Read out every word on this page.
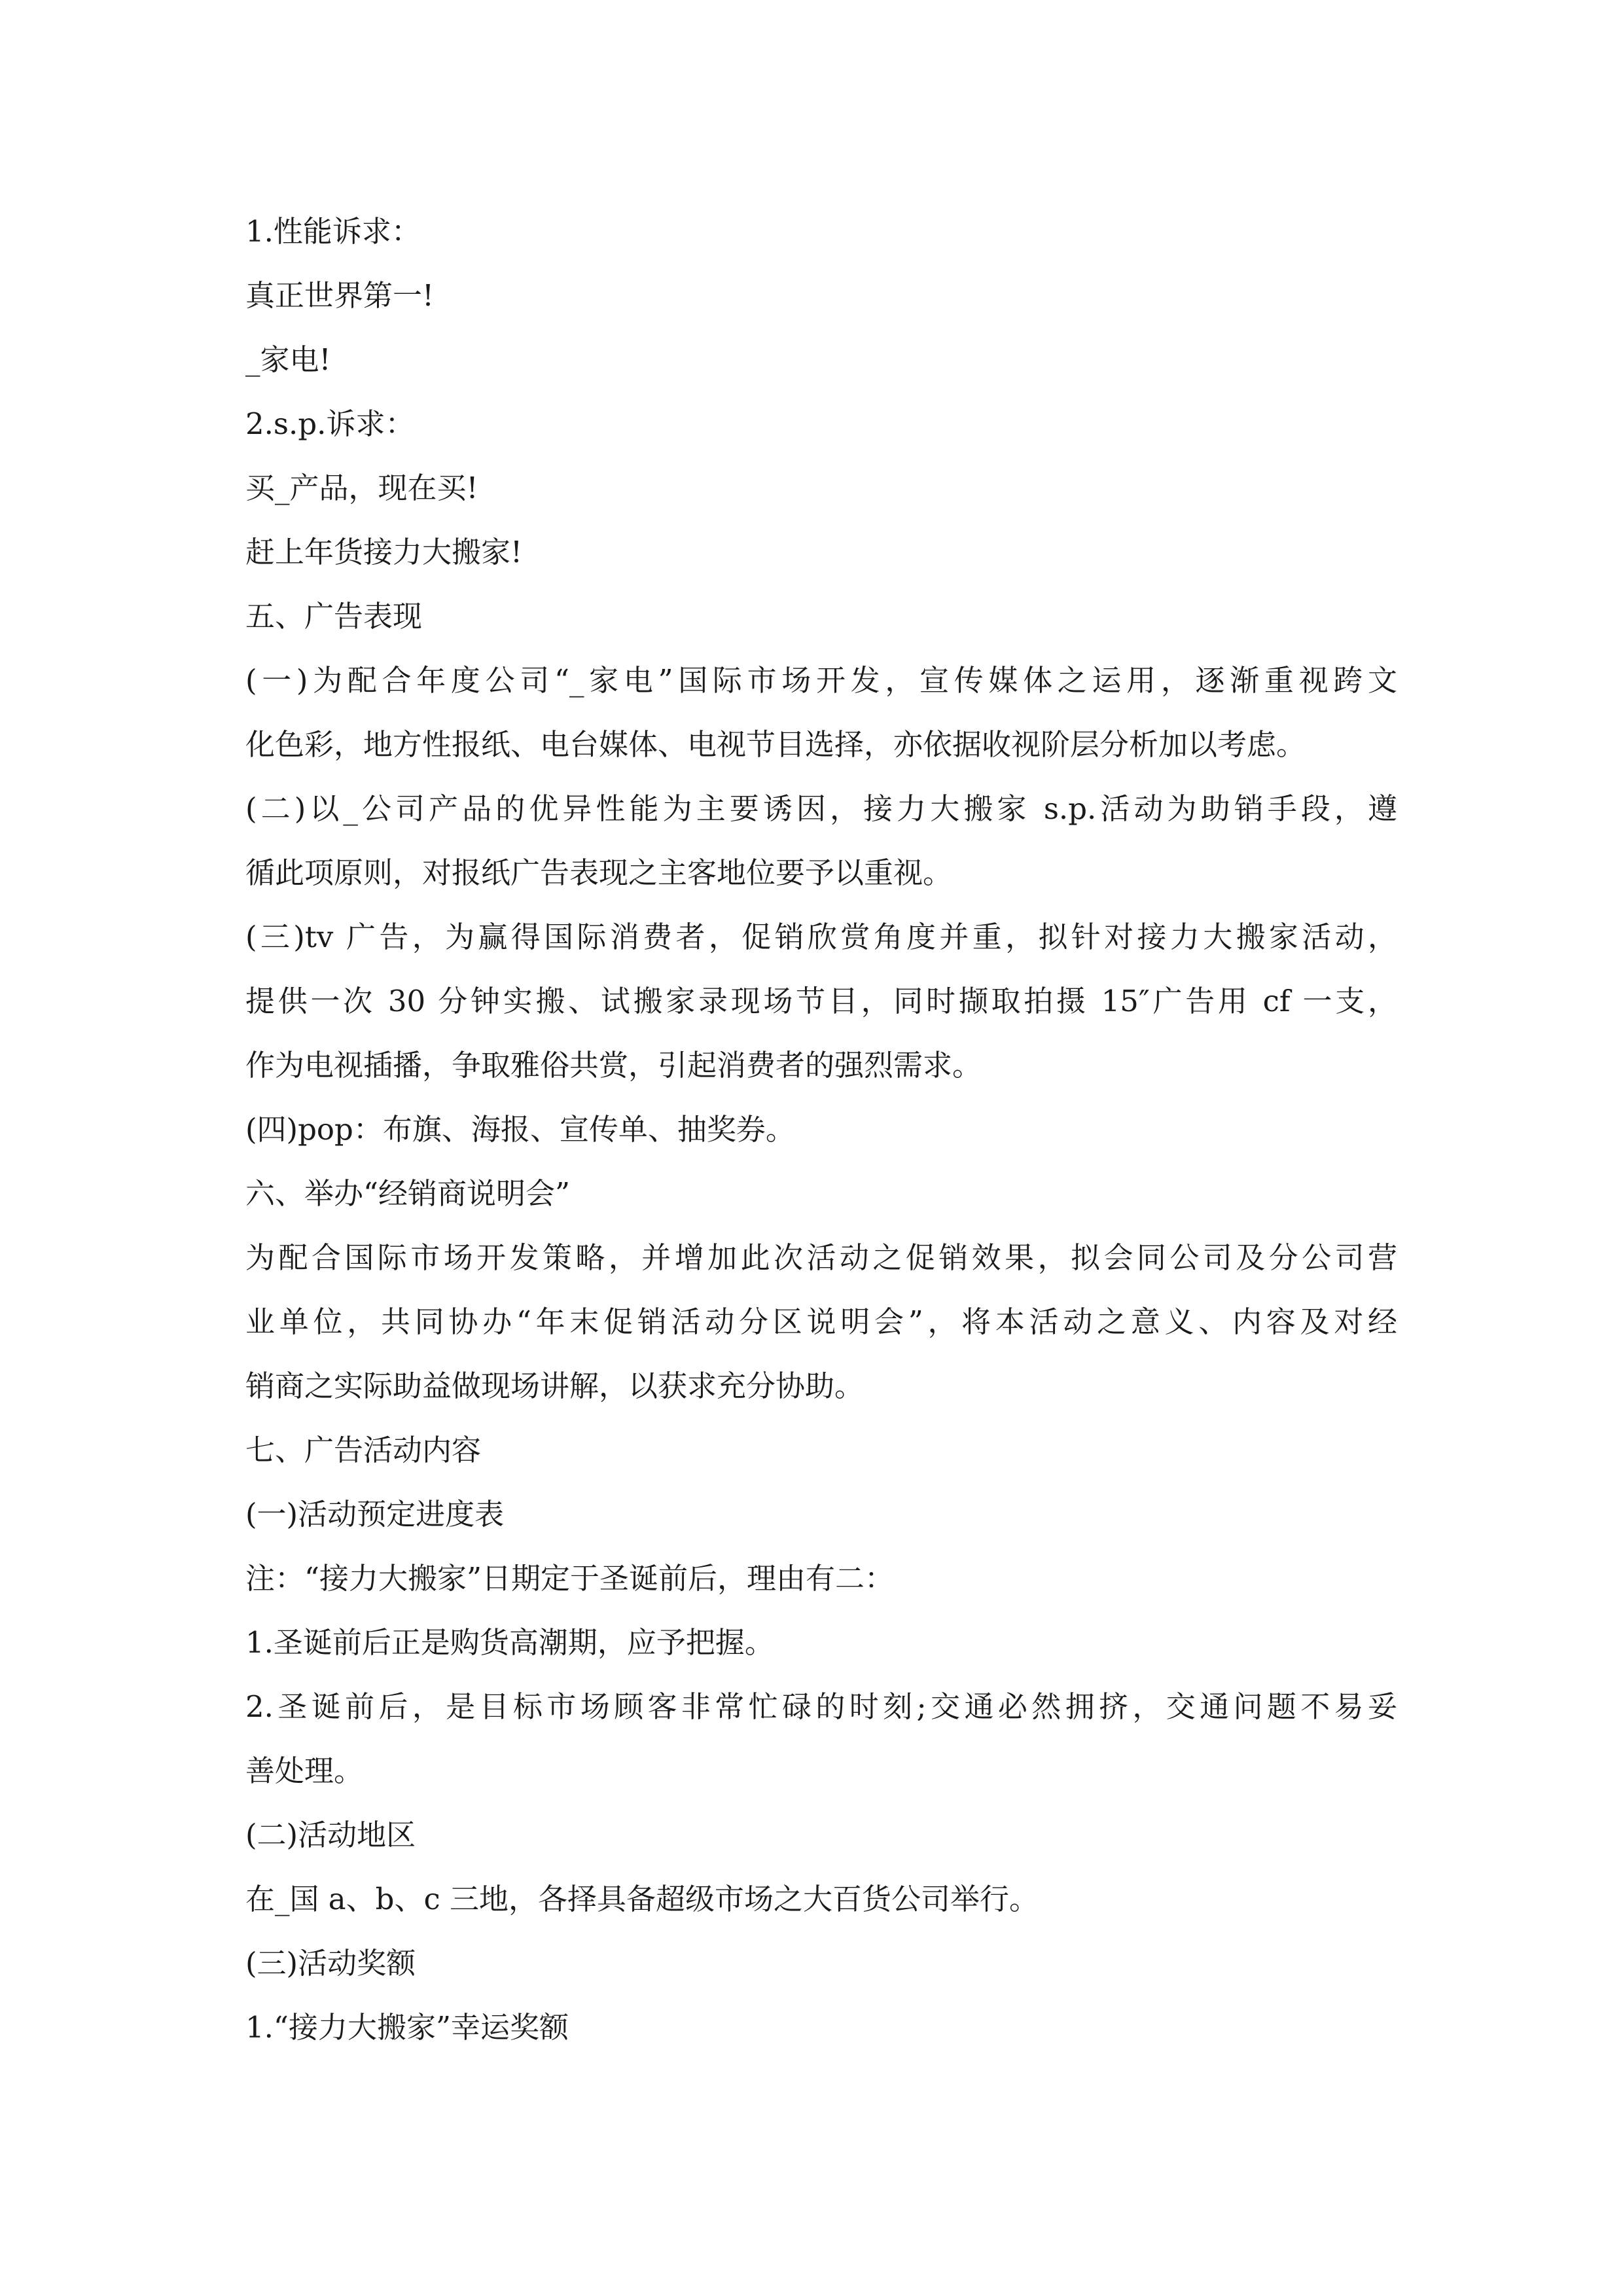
1.性能诉求：

真正世界第一!

_家电!

2.s.p.诉求：

买_产品，现在买!

赶上年货接力大搬家!

五、广告表现

(一)为配合年度公司“_家电”国际市场开发，宣传媒体之运用，逐渐重视跨文

化色彩，地方性报纸、电台媒体、电视节目选择，亦依据收视阶层分析加以考虑。

(二)以_公司产品的优异性能为主要诱因，接力大搬家 s.p.活动为助销手段，遵

循此项原则，对报纸广告表现之主客地位要予以重视。

(三)tv 广告，为赢得国际消费者，促销欣赏角度并重，拟针对接力大搬家活动，

提供一次 30 分钟实搬、试搬家录现场节目，同时撷取拍摄 15″广告用 cf 一支，

作为电视插播，争取雅俗共赏，引起消费者的强烈需求。

(四)pop：布旗、海报、宣传单、抽奖券。

六、举办“经销商说明会”

为配合国际市场开发策略，并增加此次活动之促销效果，拟会同公司及分公司营

业单位，共同协办“年末促销活动分区说明会”，将本活动之意义、内容及对经

销商之实际助益做现场讲解，以获求充分协助。

七、广告活动内容

(一)活动预定进度表

注：“接力大搬家”日期定于圣诞前后，理由有二：

1.圣诞前后正是购货高潮期，应予把握。

2.圣诞前后，是目标市场顾客非常忙碌的时刻;交通必然拥挤，交通问题不易妥

善处理。

(二)活动地区

在_国 a、b、c 三地，各择具备超级市场之大百货公司举行。

(三)活动奖额

1.“接力大搬家”幸运奖额
